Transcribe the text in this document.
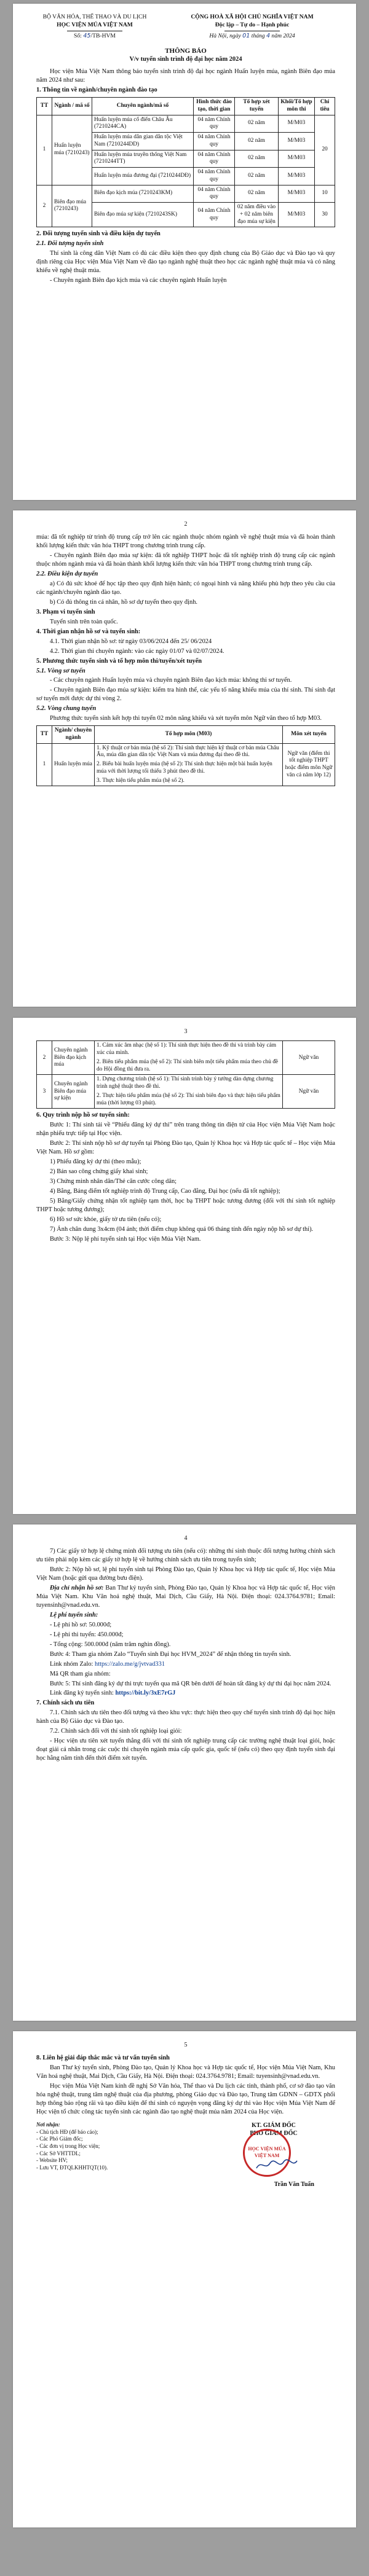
BỘ VĂN HÓA, THỂ THAO VÀ DU LỊCH
HỌC VIỆN MÚA VIỆT NAM
Số: 45/TB-HVM
CỘNG HOÀ XÃ HỘI CHỦ NGHĨA VIỆT NAM
Độc lập – Tự do – Hạnh phúc
Hà Nội, ngày 01 tháng 4 năm 2024
THÔNG BÁO
V/v tuyển sinh trình độ đại học năm 2024

Học viện Múa Việt Nam thông báo tuyển sinh trình độ đại học ngành Huấn luyện múa, ngành Biên đạo múa năm 2024 như sau:

1. Thông tin về ngành/chuyên ngành đào tạo

TT	Ngành / mã số	Chuyên ngành/mã số	Hình thức đào tạo, thời gian	Tổ hợp xét tuyển	Khối/Tổ hợp môn thi	Chỉ tiêu
1	Huấn luyện múa (7210243)	Huấn luyện múa cổ điển Châu Âu (7210244CA)	04 năm Chính quy	02 năm	M/M03	20
		Huấn luyện múa dân gian dân tộc Việt Nam (7210244DD)	04 năm Chính quy	02 năm	M/M03	
		Huấn luyện múa truyền thống Việt Nam (7210244TT)	04 năm Chính quy	02 năm	M/M03	
		Huấn luyện múa đương đại (7210244DĐ)	04 năm Chính quy	02 năm	M/M03	
2	Biên đạo múa (7210243)	Biên đạo kịch múa (7210243KM)	04 năm Chính quy	02 năm	M/M03	10
		Biên đạo múa sự kiện (7210243SK)	04 năm Chính quy	02 năm điều vào + 02 năm biên đạo múa sự kiện	M/M03	30

2. Đối tượng tuyển sinh và điều kiện dự tuyển

2.1. Đối tượng tuyển sinh

Thí sinh là công dân Việt Nam có đủ các điều kiện theo quy định chung của Bộ Giáo dục và Đào tạo và quy định riêng của Học viện Múa Việt Nam về đào tạo ngành nghệ thuật theo học các ngành nghệ thuật múa và có năng khiếu về nghệ thuật múa.

- Chuyên ngành Biên đạo kịch múa và các chuyên ngành Huấn luyện

2

múa: đã tốt nghiệp từ trình độ trung cấp trở lên các ngành thuộc nhóm ngành về nghệ thuật múa và đã hoàn thành khối lượng kiến thức văn hóa THPT trong chương trình trung cấp.

- Chuyên ngành Biên đạo múa sự kiện: đã tốt nghiệp THPT hoặc đã tốt nghiệp trình độ trung cấp các ngành thuộc nhóm ngành múa và đã hoàn thành khối lượng kiến thức văn hóa THPT trong chương trình trung cấp.

2.2. Điều kiện dự tuyển

a) Có đủ sức khoẻ để học tập theo quy định hiện hành; có ngoại hình và năng khiếu phù hợp theo yêu cầu của các ngành/chuyên ngành đào tạo.

b) Có đủ thông tin cá nhân, hồ sơ dự tuyển theo quy định.

3. Phạm vi tuyển sinh

Tuyển sinh trên toàn quốc.

4. Thời gian nhận hồ sơ và tuyển sinh:

4.1. Thời gian nhận hồ sơ: từ ngày 03/06/2024 đến 25/ 06/2024

4.2. Thời gian thi chuyên ngành: vào các ngày 01/07 và 02/07/2024.

5. Phương thức tuyển sinh và tổ hợp môn thi/tuyển/xét tuyển

5.1. Vòng sơ tuyển

- Các chuyên ngành Huấn luyện múa và chuyên ngành Biên đạo kịch múa: không thi sơ tuyển.

- Chuyên ngành Biên đạo múa sự kiện: kiểm tra hình thể, các yếu tố năng khiếu múa của thí sinh. Thí sinh đạt sơ tuyển mới được dự thi vòng 2.

5.2. Vòng chung tuyển

Phương thức tuyển sinh kết hợp thi tuyển 02 môn năng khiếu và xét tuyển môn Ngữ văn theo tổ hợp M03.

TT	Ngành/ chuyên ngành	Tổ hợp môn (M03)	Môn xét tuyển
1	Huấn luyện múa	1. Kỹ thuật cơ bản múa (hệ số 2): Thí sinh thực hiện kỹ thuật cơ bản múa Châu Âu, múa dân gian dân tộc Việt Nam và múa đương đại theo đề thi.
2. Biểu bài huấn luyện múa (hệ số 2): Thí sinh thực hiện một bài huấn luyện múa với thời lượng tối thiểu 3 phút theo đề thi.
3. Thực hiện tiểu phẩm múa (hệ số 2).	Ngữ văn (điểm thi tốt nghiệp THPT hoặc điểm môn Ngữ văn cả năm lớp 12)
3
2	Chuyên ngành Biên đạo kịch múa	1. Cảm xúc âm nhạc (hệ số 1): Thí sinh thực hiện theo đề thi và trình bày cảm xúc của mình.
2. Biên tiểu phẩm múa (hệ số 2): Thí sinh biên một tiểu phẩm múa theo chủ đề do Hội đồng thi đưa ra.	Ngữ văn
3	Chuyên ngành Biên đạo múa sự kiện	1. Dựng chương trình (hệ số 1): Thí sinh trình bày ý tưởng dàn dựng chương trình nghệ thuật theo đề thi.
2. Thực hiện tiểu phẩm múa (hệ số 2): Thí sinh biên đạo và thực hiện tiểu phẩm múa (thời lượng 03 phút).	Ngữ văn

6. Quy trình nộp hồ sơ tuyển sinh:

Bước 1: Thí sinh tải về “Phiếu đăng ký dự thi” trên trang thông tin điện tử của Học viện Múa Việt Nam hoặc nhận phiếu trực tiếp tại Học viện.

Bước 2: Thí sinh nộp hồ sơ dự tuyển tại Phòng Đào tạo, Quản lý Khoa học và Hợp tác quốc tế – Học viện Múa Việt Nam. Hồ sơ gồm:

1) Phiếu đăng ký dự thi (theo mẫu);

2) Bản sao công chứng giấy khai sinh;

3) Chứng minh nhân dân/Thẻ căn cước công dân;

4) Bằng, Bảng điểm tốt nghiệp trình độ Trung cấp, Cao đẳng, Đại học (nếu đã tốt nghiệp);

5) Bằng/Giấy chứng nhận tốt nghiệp tạm thời, học bạ THPT hoặc tương đương (đối với thí sinh tốt nghiệp THPT hoặc tương đương);

6) Hồ sơ sức khỏe, giấy tờ ưu tiên (nếu có);

7) Ảnh chân dung 3x4cm (04 ảnh; thời điểm chụp không quá 06 tháng tính đến ngày nộp hồ sơ dự thi).

Bước 3: Nộp lệ phí tuyển sinh tại Học viện Múa Việt Nam.

4

7) Các giấy tờ hợp lệ chứng minh đối tượng ưu tiên (nếu có): những thí sinh thuộc đối tượng hưởng chính sách ưu tiên phải nộp kèm các giấy tờ hợp lệ về hưởng chính sách ưu tiên trong tuyển sinh;

Bước 2: Nộp hồ sơ, lệ phí tuyển sinh tại Phòng Đào tạo, Quản lý Khoa học và Hợp tác quốc tế, Học viện Múa Việt Nam (hoặc gửi qua đường bưu điện).

Địa chỉ nhận hồ sơ: Ban Thư ký tuyển sinh, Phòng Đào tạo, Quản lý Khoa học và Hợp tác quốc tế, Học viện Múa Việt Nam. Khu Văn hoá nghệ thuật, Mai Dịch, Cầu Giấy, Hà Nội. Điện thoại: 024.3764.9781; Email: tuyensinh@vnad.edu.vn.

Lệ phí tuyển sinh:

- Lệ phí hồ sơ: 50.000đ;

- Lệ phí thi tuyển: 450.000đ;

- Tổng cộng: 500.000đ (năm trăm nghìn đồng).

Bước 4: Tham gia nhóm Zalo “Tuyển sinh Đại học HVM_2024” để nhận thông tin tuyển sinh.

Link nhóm Zalo: https://zalo.me/g/jvtvad331

Mã QR tham gia nhóm:

Bước 5: Thí sinh đăng ký dự thi trực tuyến qua mã QR bên dưới để hoàn tất đăng ký dự thi đại học năm 2024.

Link đăng ký tuyển sinh: https://bit.ly/3xE7rGJ

7. Chính sách ưu tiên

7.1. Chính sách ưu tiên theo đối tượng và theo khu vực: thực hiện theo quy chế tuyển sinh trình độ đại học hiện hành của Bộ Giáo dục và Đào tạo.

7.2. Chính sách đối với thí sinh tốt nghiệp loại giỏi:

- Học viện ưu tiên xét tuyển thẳng đối với thí sinh tốt nghiệp trung cấp các trường nghệ thuật loại giỏi, hoặc đoạt giải cá nhân trong các cuộc thi chuyên ngành múa cấp quốc gia, quốc tế (nếu có) theo quy định tuyển sinh đại học hằng năm tính đến thời điểm xét tuyển.

5

8. Liên hệ giải đáp thắc mắc và tư vấn tuyển sinh

Ban Thư ký tuyển sinh, Phòng Đào tạo, Quản lý Khoa học và Hợp tác quốc tế, Học viện Múa Việt Nam, Khu Văn hoá nghệ thuật, Mai Dịch, Cầu Giấy, Hà Nội. Điện thoại: 024.3764.9781; Email: tuyensinh@vnad.edu.vn.

Học viện Múa Việt Nam kính đề nghị Sở Văn hóa, Thể thao và Du lịch các tỉnh, thành phố, cơ sở đào tạo văn hóa nghệ thuật, trung tâm nghệ thuật của địa phương, phòng Giáo dục và Đào tạo, Trung tâm GDNN – GDTX phối hợp thông báo rộng rãi và tạo điều kiện để thí sinh có nguyện vọng đăng ký dự thi vào Học viện Múa Việt Nam để Học viện tổ chức công tác tuyển sinh các ngành đào tạo nghệ thuật múa năm 2024 của Học viện.

Nơi nhận:
- Chủ tịch HĐ (để báo cáo);
- Các Phó Giám đốc;
- Các đơn vị trong Học viện;
- Các Sở VHTTDL;
- Website HV;
- Lưu VT, ĐTQLKHHTQT(10).
KT. GIÁM ĐỐC
PHÓ GIÁM ĐỐC
HỌC VIỆN MÚA VIỆT NAM
Trần Văn Tuấn
